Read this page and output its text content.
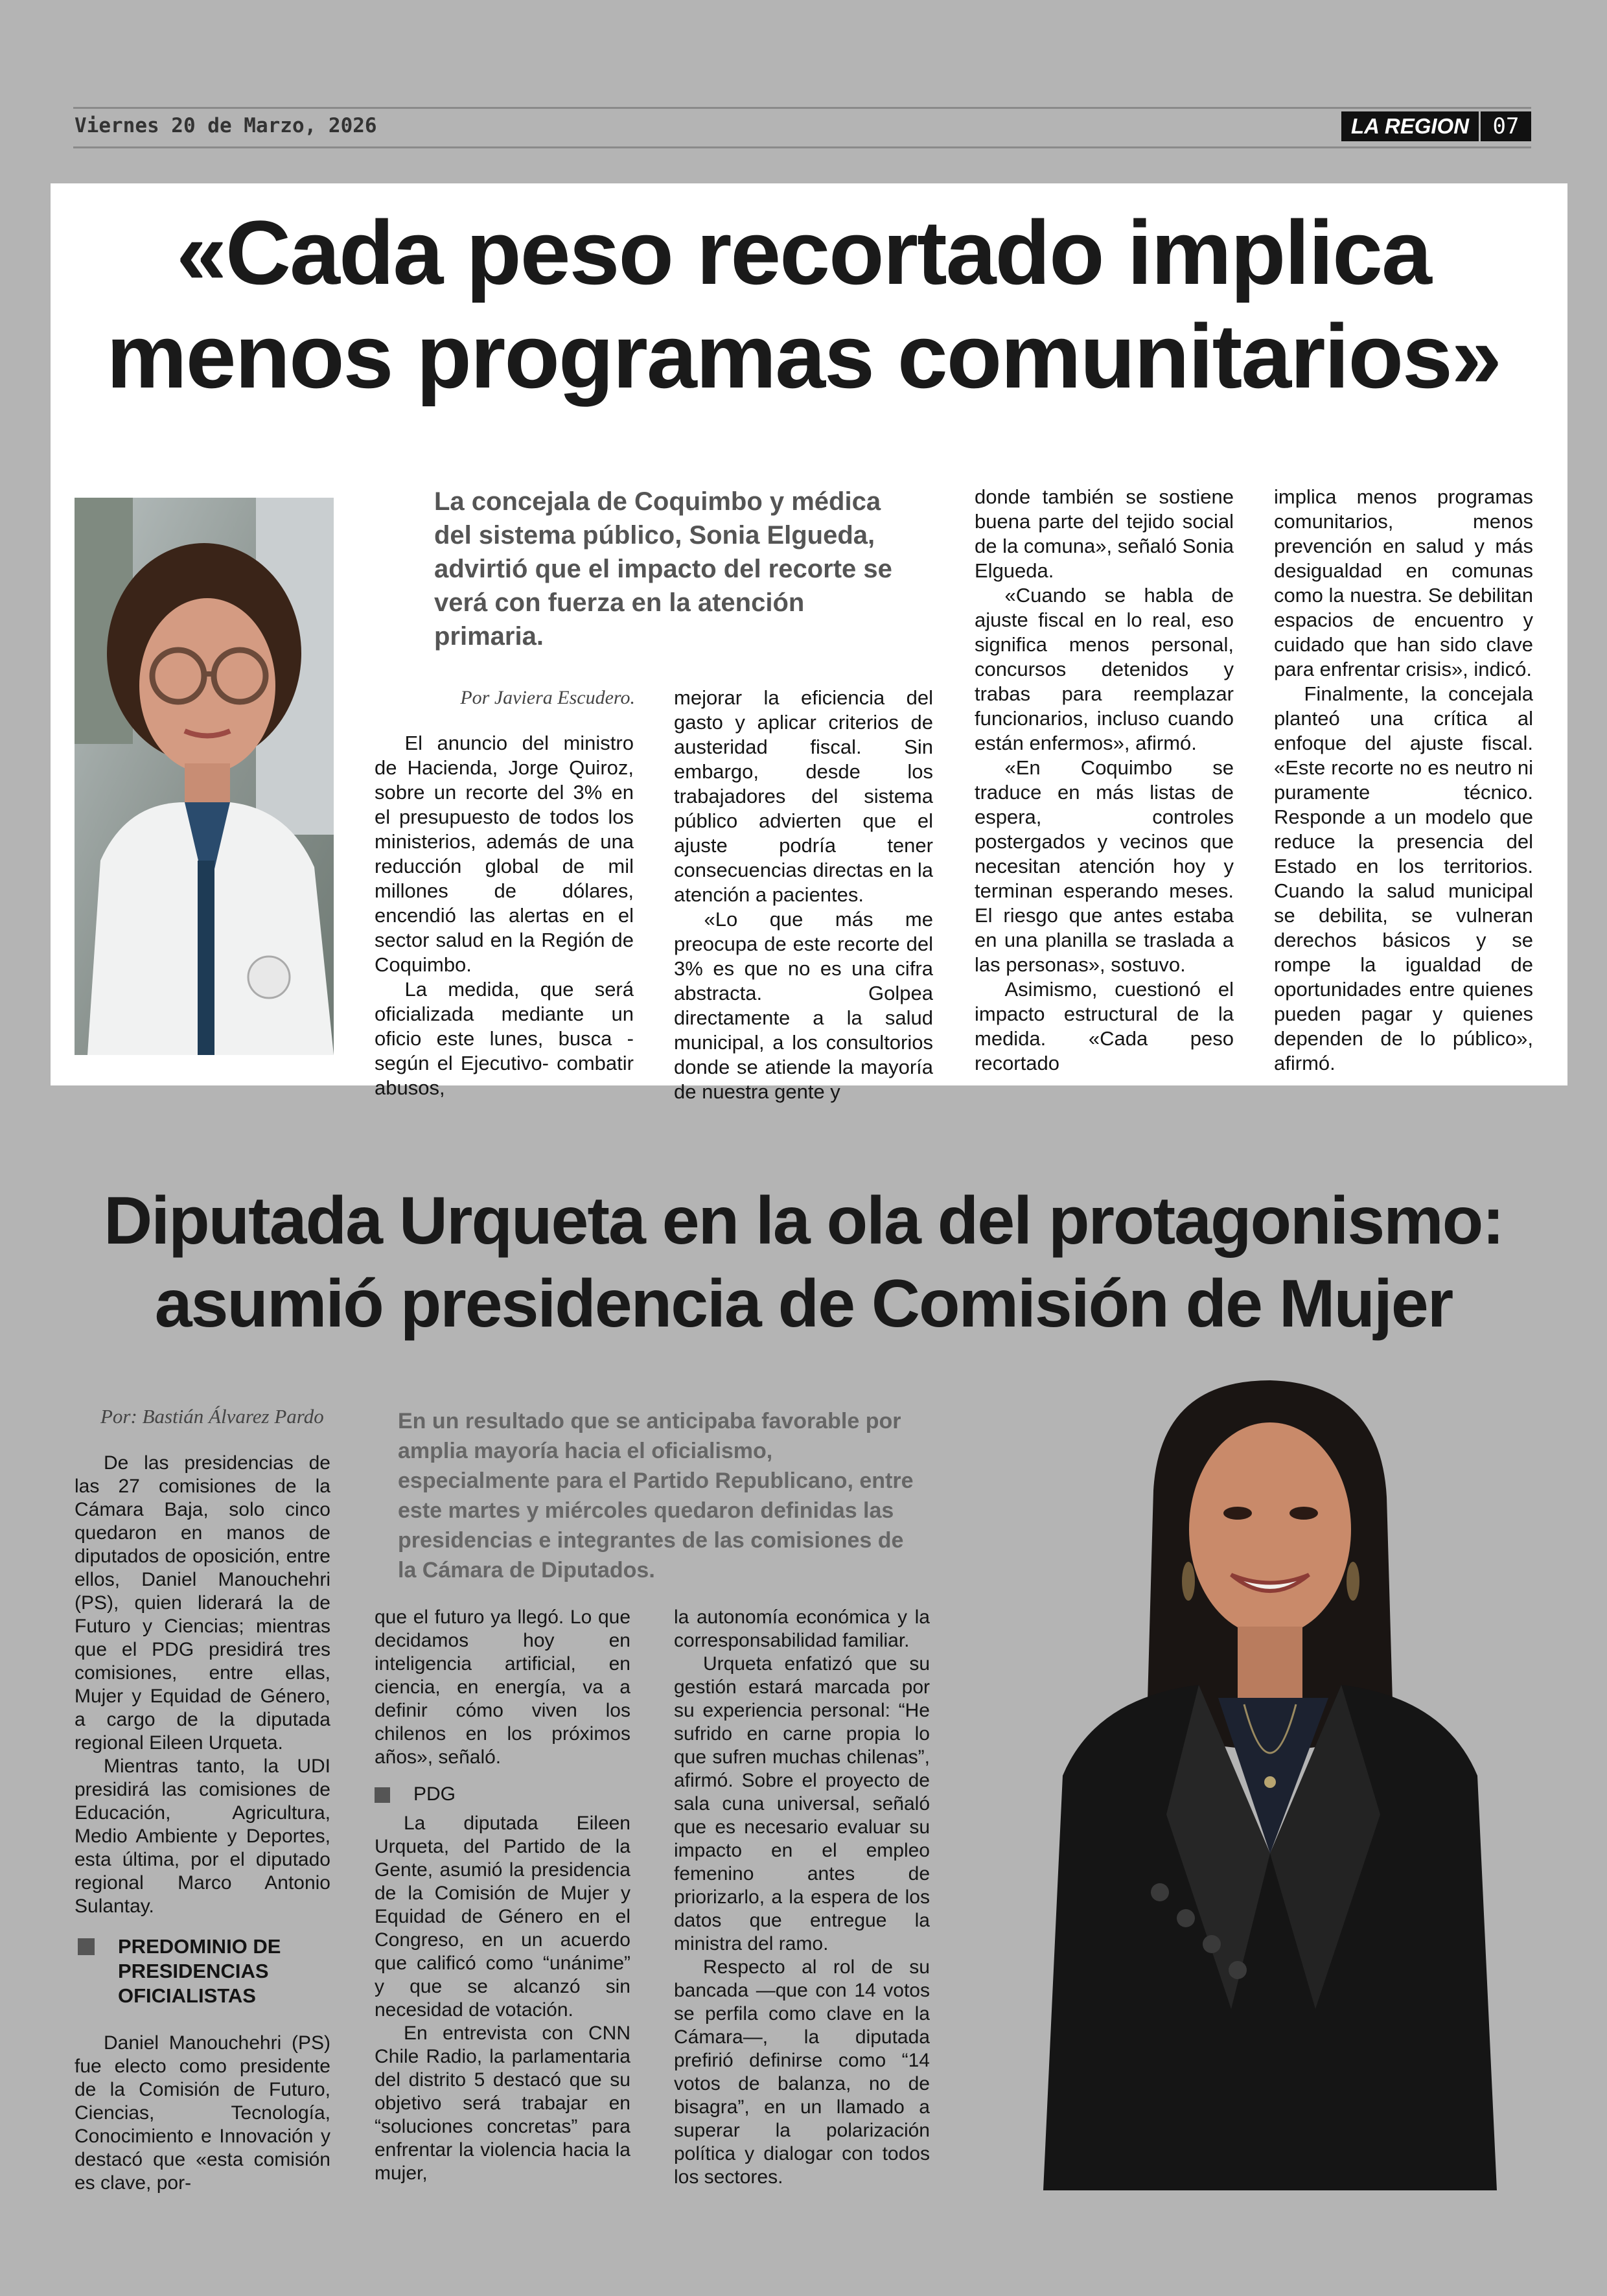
Viernes 20 de Marzo, 2026	LA REGION	07
«Cada peso recortado implica
menos programas comunitarios»
La concejala de Coquimbo y médica del sistema público, Sonia Elgueda, advirtió que el impacto del recorte se verá con fuerza en la atención primaria.
Por Javiera Escudero.

El anuncio del ministro de Hacienda, Jorge Quiroz, sobre un recorte del 3% en el presupuesto de todos los ministerios, además de una reducción global de mil millones de dólares, encendió las alertas en el sector salud en la Región de Coquimbo.

La medida, que será oficializada mediante un oficio este lunes, busca -según el Ejecutivo- combatir abusos,

mejorar la eficiencia del gasto y aplicar criterios de austeridad fiscal. Sin embargo, desde los trabajadores del sistema público advierten que el ajuste podría tener consecuencias directas en la atención a pacientes.

«Lo que más me preocupa de este recorte del 3% es que no es una cifra abstracta. Golpea directamente a la salud municipal, a los consultorios donde se atiende la mayoría de nuestra gente y

donde también se sostiene buena parte del tejido social de la comuna», señaló Sonia Elgueda.

«Cuando se habla de ajuste fiscal en lo real, eso significa menos personal, concursos detenidos y trabas para reemplazar funcionarios, incluso cuando están enfermos», afirmó.

«En Coquimbo se traduce en más listas de espera, controles postergados y vecinos que necesitan atención hoy y terminan esperando meses. El riesgo que antes estaba en una planilla se traslada a las personas», sostuvo.

Asimismo, cuestionó el impacto estructural de la medida. «Cada peso recortado

implica menos programas comunitarios, menos prevención en salud y más desigualdad en comunas como la nuestra. Se debilitan espacios de encuentro y cuidado que han sido clave para enfrentar crisis», indicó.

Finalmente, la concejala planteó una crítica al enfoque del ajuste fiscal. «Este recorte no es neutro ni puramente técnico. Responde a un modelo que reduce la presencia del Estado en los territorios. Cuando la salud municipal se debilita, se vulneran derechos básicos y se rompe la igualdad de oportunidades entre quienes pueden pagar y quienes dependen de lo público», afirmó.

Diputada Urqueta en la ola del protagonismo:
asumió presidencia de Comisión de Mujer
Por: Bastián Álvarez Pardo	En un resultado que se anticipaba favorable por amplia mayoría hacia el oficialismo, especialmente para el Partido Republicano, entre este martes y miércoles quedaron definidas las presidencias e integrantes de las comisiones de la Cámara de Diputados.

De las presidencias de las 27 comisiones de la Cámara Baja, solo cinco quedaron en manos de diputados de oposición, entre ellos, Daniel Manouchehri (PS), quien liderará la de Futuro y Ciencias; mientras que el PDG presidirá tres comisiones, entre ellas, Mujer y Equidad de Género, a cargo de la diputada regional Eileen Urqueta.

Mientras tanto, la UDI presidirá las comisiones de Educación, Agricultura, Medio Ambiente y Deportes, esta última, por el diputado regional Marco Antonio Sulantay.

PREDOMINIO DE PRESIDENCIAS OFICIALISTAS

Daniel Manouchehri (PS) fue electo como presidente de la Comisión de Futuro, Ciencias, Tecnología, Conocimiento e Innovación y destacó que «esta comisión es clave, por-

que el futuro ya llegó. Lo que decidamos hoy en inteligencia artificial, en ciencia, en energía, va a definir cómo viven los chilenos en los próximos años», señaló.

PDG

La diputada Eileen Urqueta, del Partido de la Gente, asumió la presidencia de la Comisión de Mujer y Equidad de Género en el Congreso, en un acuerdo que calificó como “unánime” y que se alcanzó sin necesidad de votación.

En entrevista con CNN Chile Radio, la parlamentaria del distrito 5 destacó que su objetivo será trabajar en “soluciones concretas” para enfrentar la violencia hacia la mujer,

la autonomía económica y la corresponsabilidad familiar.

Urqueta enfatizó que su gestión estará marcada por su experiencia personal: “He sufrido en carne propia lo que sufren muchas chilenas”, afirmó. Sobre el proyecto de sala cuna universal, señaló que es necesario evaluar su impacto en el empleo femenino antes de priorizarlo, a la espera de los datos que entregue la ministra del ramo.

Respecto al rol de su bancada —que con 14 votos se perfila como clave en la Cámara—, la diputada prefirió definirse como “14 votos de balanza, no de bisagra”, en un llamado a superar la polarización política y dialogar con todos los sectores.
